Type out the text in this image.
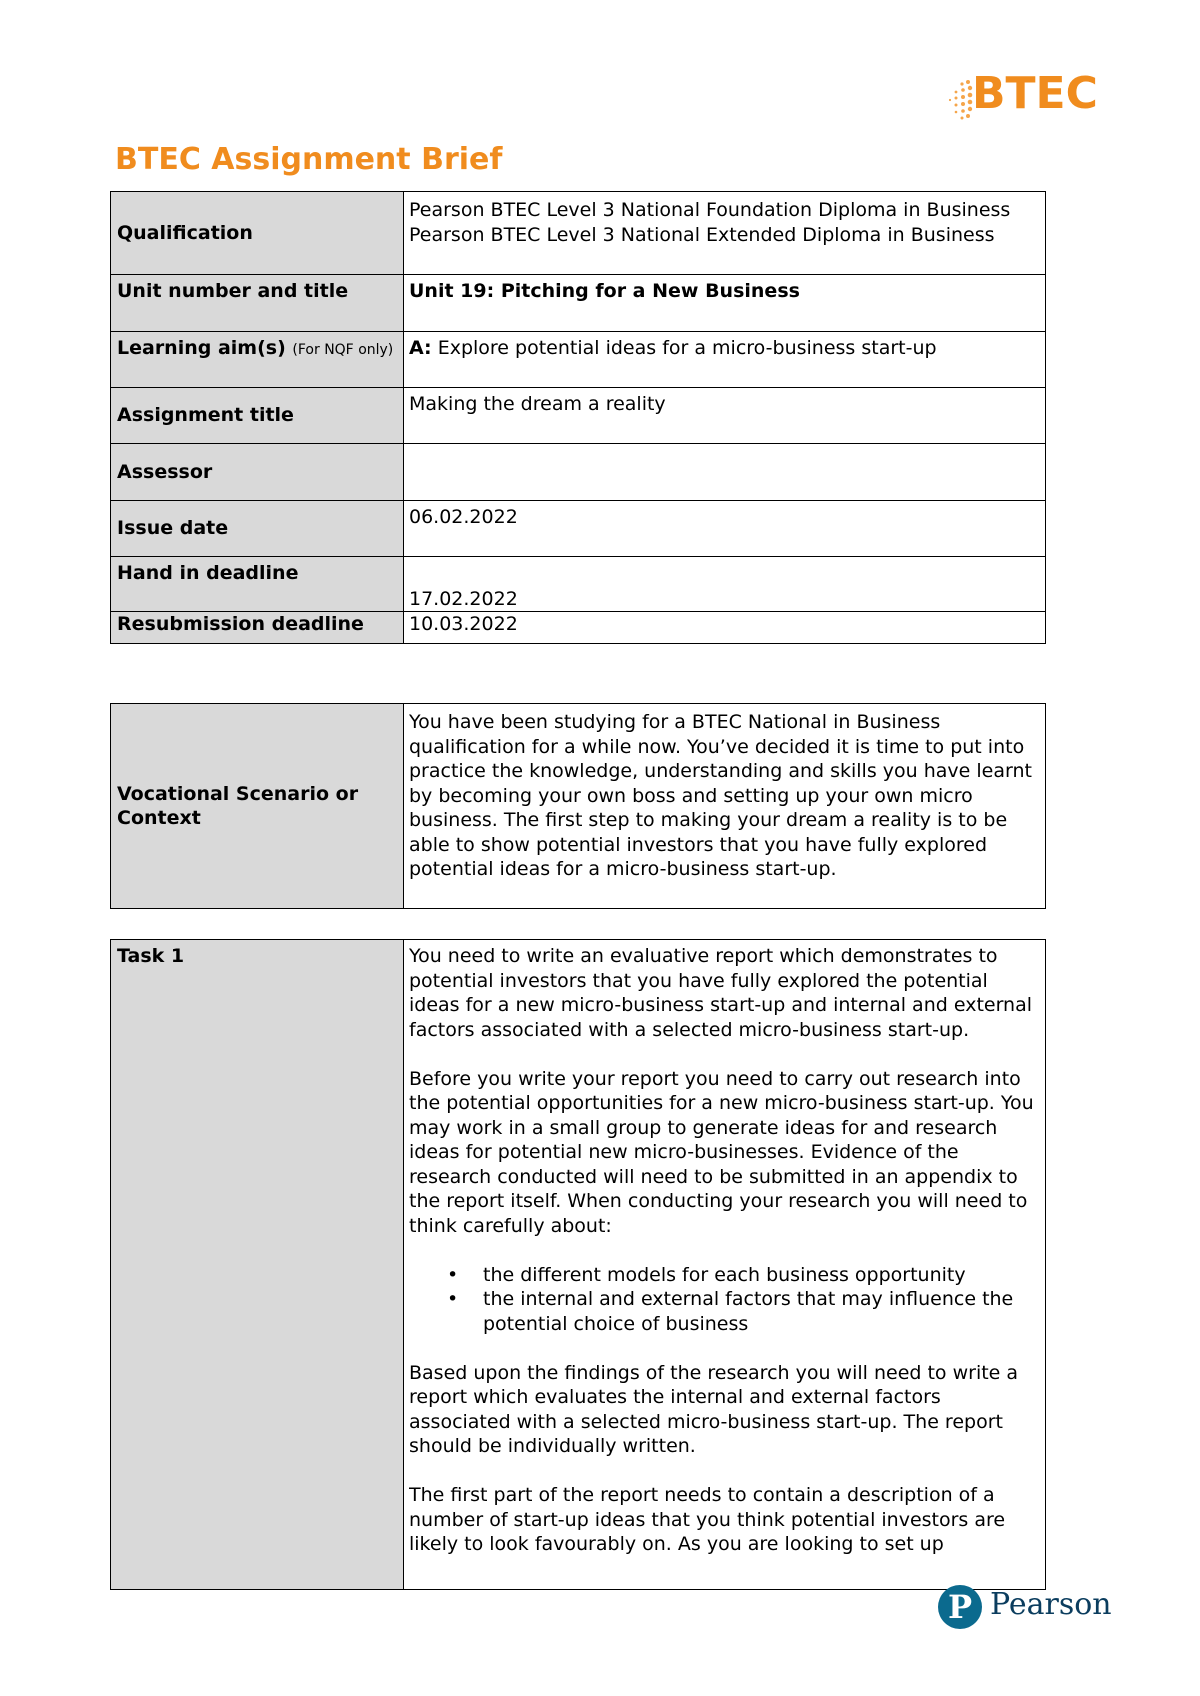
BTEC
BTEC Assignment Brief
Qualification	Pearson BTEC Level 3 National Foundation Diploma in Business
Pearson BTEC Level 3 National Extended Diploma in Business

Unit number and title	Unit 19: Pitching for a New Business
Learning aim(s) (For NQF only)	A: Explore potential ideas for a micro-business start-up
Assignment title	Making the dream a reality
Assessor	
Issue date	06.02.2022
Hand in deadline	17.02.2022
Resubmission deadline	10.03.2022
Vocational Scenario or Context	You have been studying for a BTEC National in Business qualification for a while now. You’ve decided it is time to put into practice the knowledge, understanding and skills you have learnt by becoming your own boss and setting up your own micro business. The first step to making your dream a reality is to be able to show potential investors that you have fully explored potential ideas for a micro-business start-up.
Task 1	You need to write an evaluative report which demonstrates to potential investors that you have fully explored the potential ideas for a new micro-business start-up and internal and external factors associated with a selected micro-business start-up.

Before you write your report you need to carry out research into the potential opportunities for a new micro-business start-up. You may work in a small group to generate ideas for and research ideas for potential new micro-businesses. Evidence of the research conducted will need to be submitted in an appendix to the report itself. When conducting your research you will need to think carefully about:

• the different models for each business opportunity
• the internal and external factors that may influence the potential choice of business

Based upon the findings of the research you will need to write a report which evaluates the internal and external factors associated with a selected micro-business start-up. The report should be individually written.

The first part of the report needs to contain a description of a number of start-up ideas that you think potential investors are likely to look favourably on. As you are looking to set up

P Pearson
